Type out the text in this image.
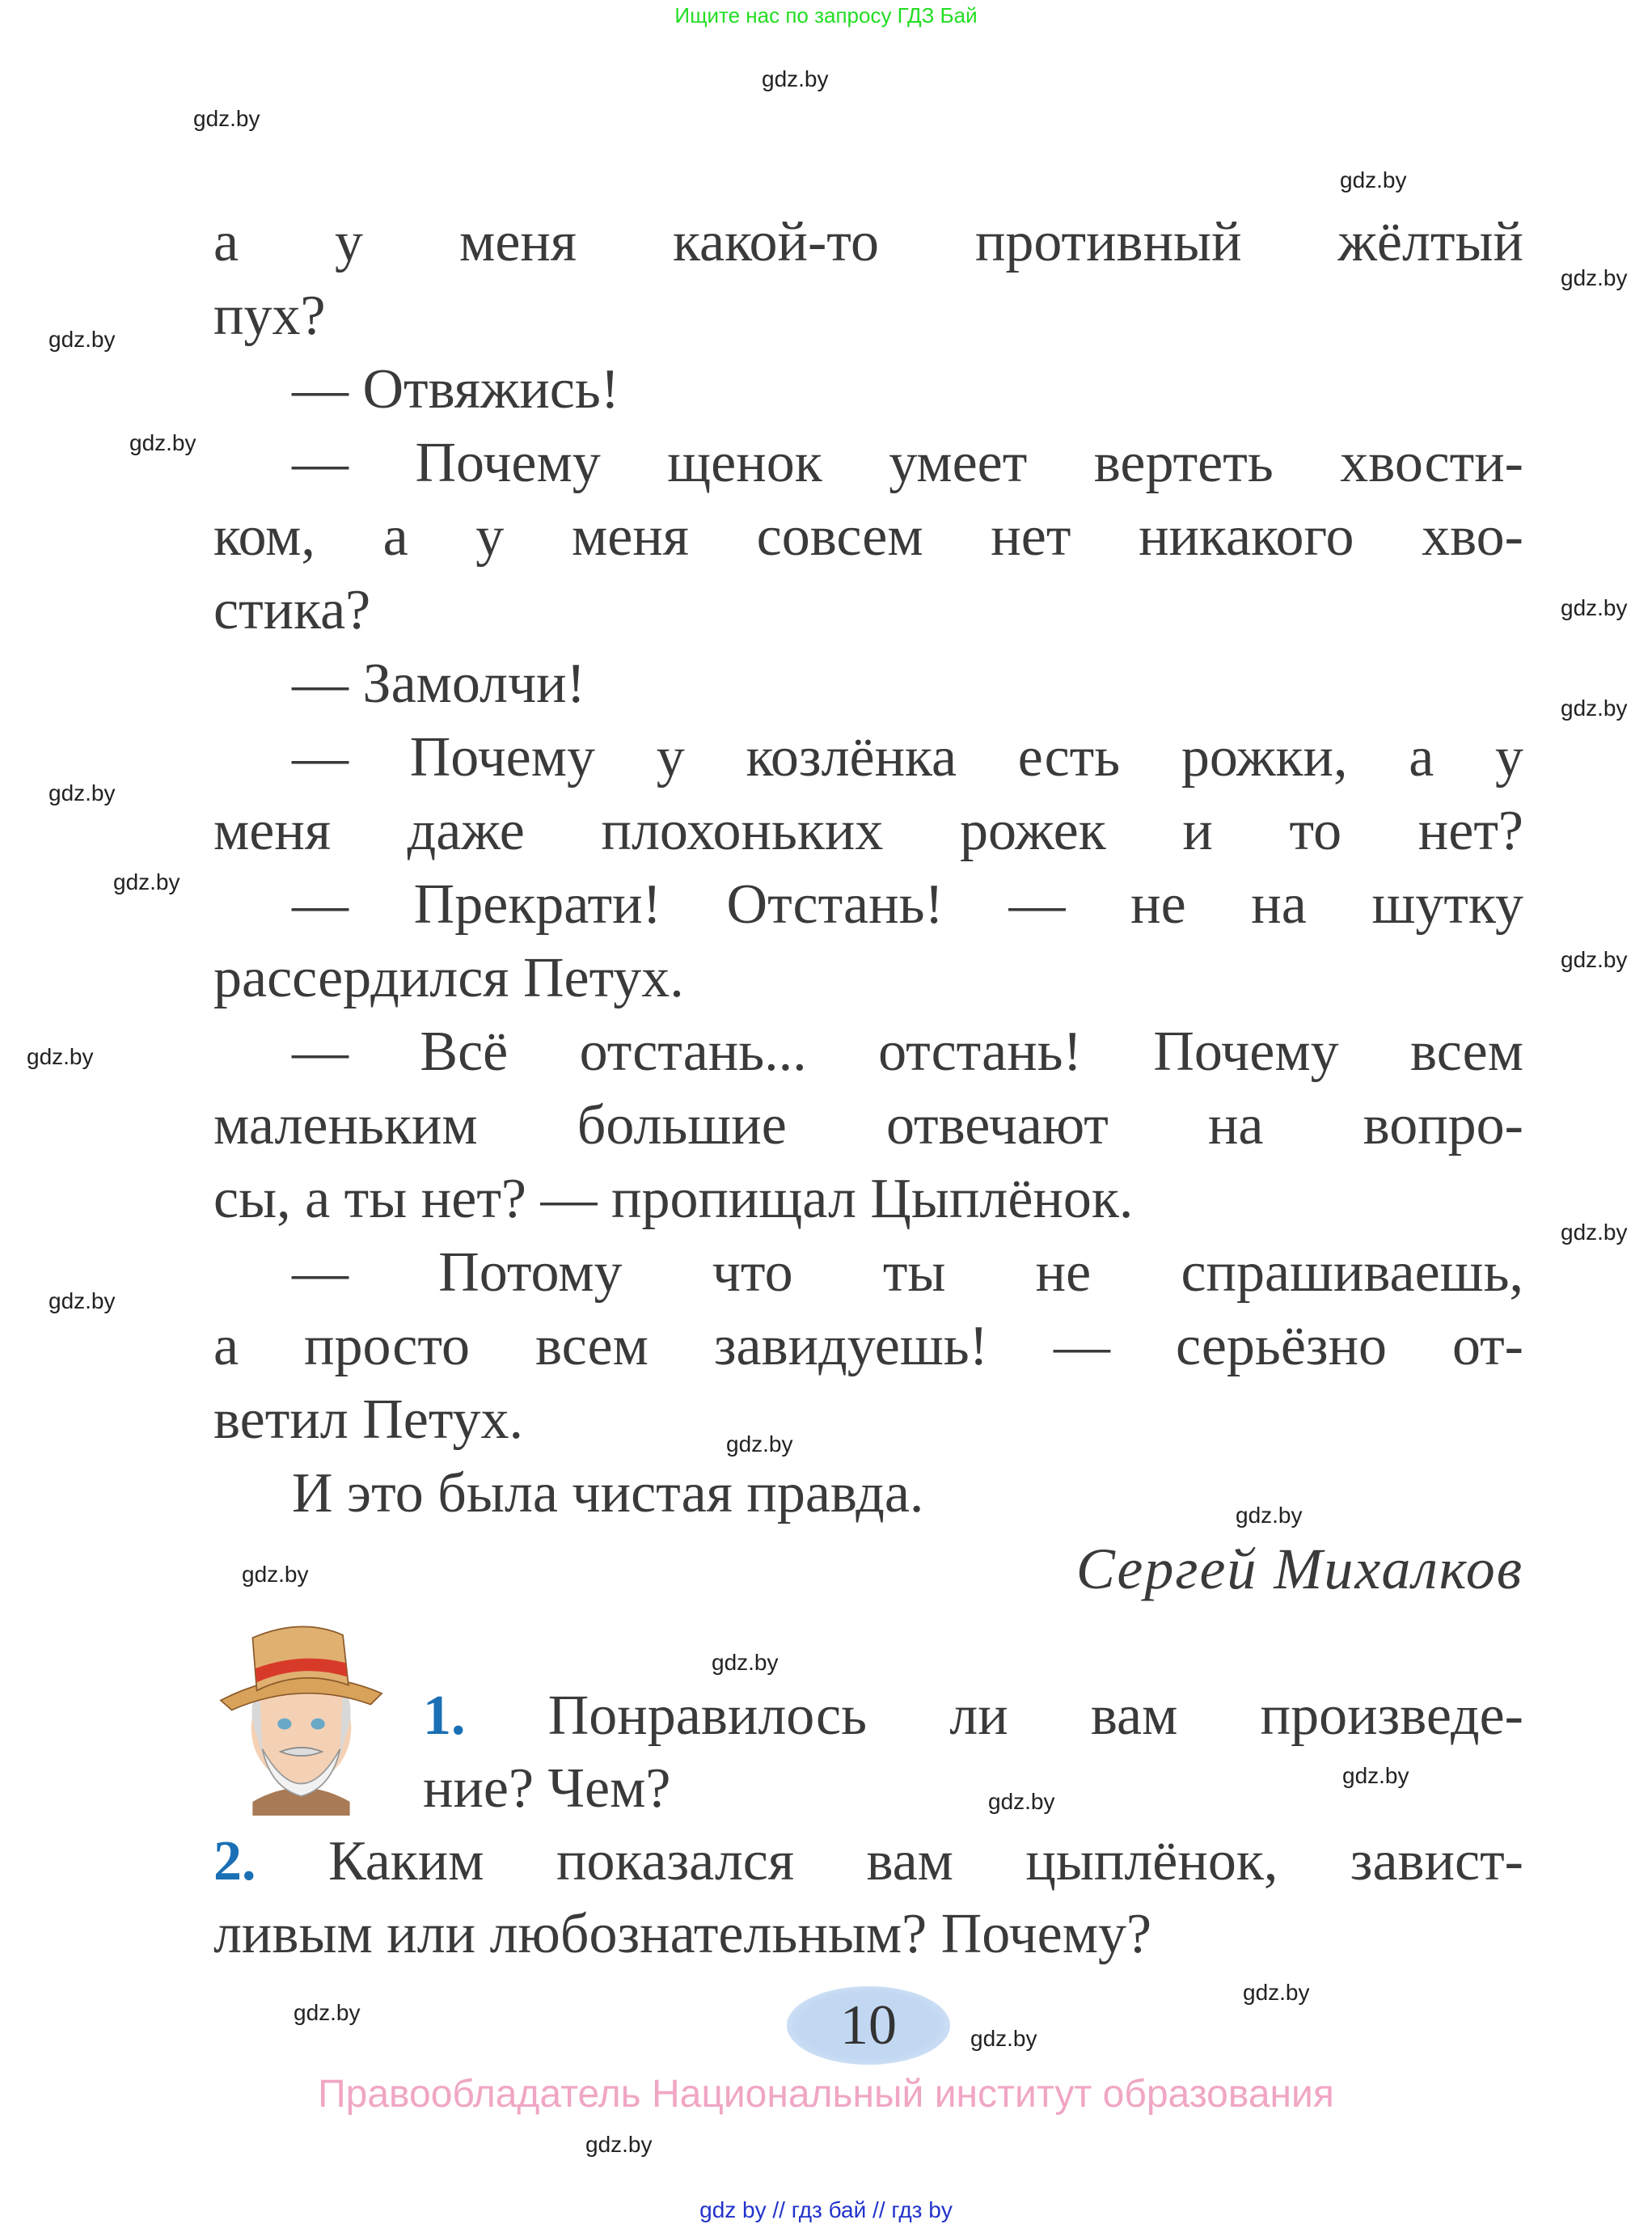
Ищите нас по запросу ГДЗ Бай
а у меня какой-то противный жёлтый
пух?
— Отвяжись!
— Почему щенок умеет вертеть хвости-
ком, а у меня совсем нет никакого хво-
стика?
— Замолчи!
— Почему у козлёнка есть рожки, а у
меня даже плохоньких рожек и то нет?
— Прекрати! Отстань! — не на шутку
рассердился Петух.
— Всё отстань... отстань! Почему всем
маленьким большие отвечают на вопро-
сы, а ты нет? — пропищал Цыплёнок.
— Потому что ты не спрашиваешь,
а просто всем завидуешь! — серьёзно от-
ветил Петух.
И это была чистая правда.
Сергей Михалков
1. Понравилось ли вам произведе-
ние? Чем?
2. Каким показался вам цыплёнок, завист-
ливым или любознательным? Почему?
10
Правообладатель Национальный институт образования
gdz by // гдз бай // гдз by
gdz.by
gdz.by
gdz.by
gdz.by
gdz.by
gdz.by
gdz.by
gdz.by
gdz.by
gdz.by
gdz.by
gdz.by
gdz.by
gdz.by
gdz.by
gdz.by
gdz.by
gdz.by
gdz.by
gdz.by
gdz.by
gdz.by
gdz.by
gdz.by
